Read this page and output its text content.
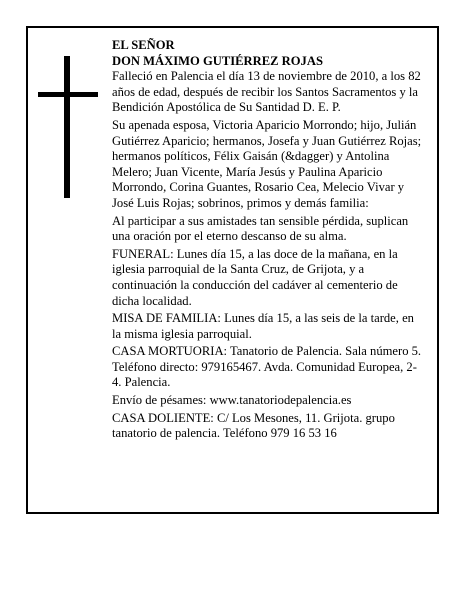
EL SEÑOR
DON MÁXIMO GUTIÉRREZ ROJAS

Falleció en Palencia el día 13 de noviembre de 2010, a los 82 años de edad, después de recibir los Santos Sacramentos y la Bendición Apostólica de Su Santidad D. E. P.

Su apenada esposa, Victoria Aparicio Morrondo; hijo, Julián Gutiérrez Aparicio; hermanos, Josefa y Juan Gutiérrez Rojas; hermanos políticos, Félix Gaisán (&dagger) y Antolina Melero; Juan Vicente, María Jesús y Paulina Aparicio Morrondo, Corina Guantes, Rosario Cea, Melecio Vivar y José Luis Rojas; sobrinos, primos y demás familia:

Al participar a sus amistades tan sensible pérdida, suplican una oración por el eterno descanso de su alma.

FUNERAL: Lunes día 15, a las doce de la mañana, en la iglesia parroquial de la Santa Cruz, de Grijota, y a continuación la conducción del cadáver al cementerio de dicha localidad.

MISA DE FAMILIA: Lunes día 15, a las seis de la tarde, en la misma iglesia parroquial.

CASA MORTUORIA: Tanatorio de Palencia. Sala número 5. Teléfono directo: 979165467. Avda. Comunidad Europea, 2-4. Palencia.

Envío de pésames: www.tanatoriodepalencia.es

CASA DOLIENTE: C/ Los Mesones, 11. Grijota. grupo tanatorio de palencia. Teléfono 979 16 53 16
